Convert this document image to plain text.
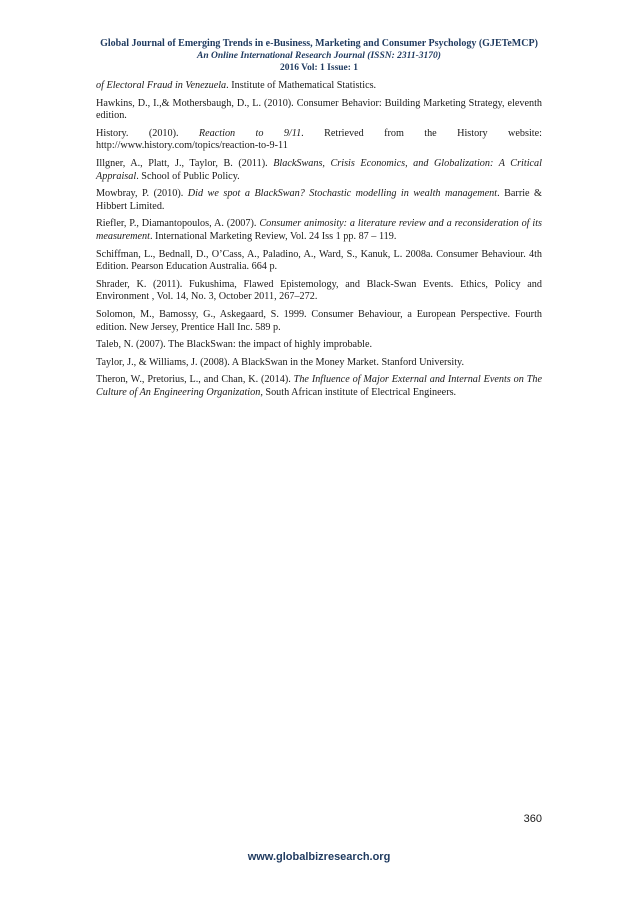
Global Journal of Emerging Trends in e-Business, Marketing and Consumer Psychology (GJETeMCP)
An Online International Research Journal (ISSN: 2311-3170)
2016 Vol: 1 Issue: 1

of Electoral Fraud in Venezuela. Institute of Mathematical Statistics.

Hawkins, D., I.,& Mothersbaugh, D., L. (2010). Consumer Behavior: Building Marketing Strategy, eleventh edition.

History. (2010). Reaction to 9/11. Retrieved from the History website: http://www.history.com/topics/reaction-to-9-11

Illgner, A., Platt, J., Taylor, B. (2011). BlackSwans, Crisis Economics, and Globalization: A Critical Appraisal. School of Public Policy.

Mowbray, P. (2010). Did we spot a BlackSwan? Stochastic modelling in wealth management. Barrie & Hibbert Limited.

Riefler, P., Diamantopoulos, A. (2007). Consumer animosity: a literature review and a reconsideration of its measurement. International Marketing Review, Vol. 24 Iss 1 pp. 87 – 119.

Schiffman, L., Bednall, D., O’Cass, A., Paladino, A., Ward, S., Kanuk, L. 2008a. Consumer Behaviour. 4th Edition. Pearson Education Australia. 664 p.

Shrader, K. (2011). Fukushima, Flawed Epistemology, and Black-Swan Events. Ethics, Policy and Environment , Vol. 14, No. 3, October 2011, 267–272.

Solomon, M., Bamossy, G., Askegaard, S. 1999. Consumer Behaviour, a European Perspective. Fourth edition. New Jersey, Prentice Hall Inc. 589 p.

Taleb, N. (2007). The BlackSwan: the impact of highly improbable.

Taylor, J., & Williams, J. (2008). A BlackSwan in the Money Market. Stanford University.

Theron, W., Pretorius, L., and Chan, K. (2014). The Influence of Major External and Internal Events on The Culture of An Engineering Organization, South African institute of Electrical Engineers.

360
www.globalbizresearch.org
